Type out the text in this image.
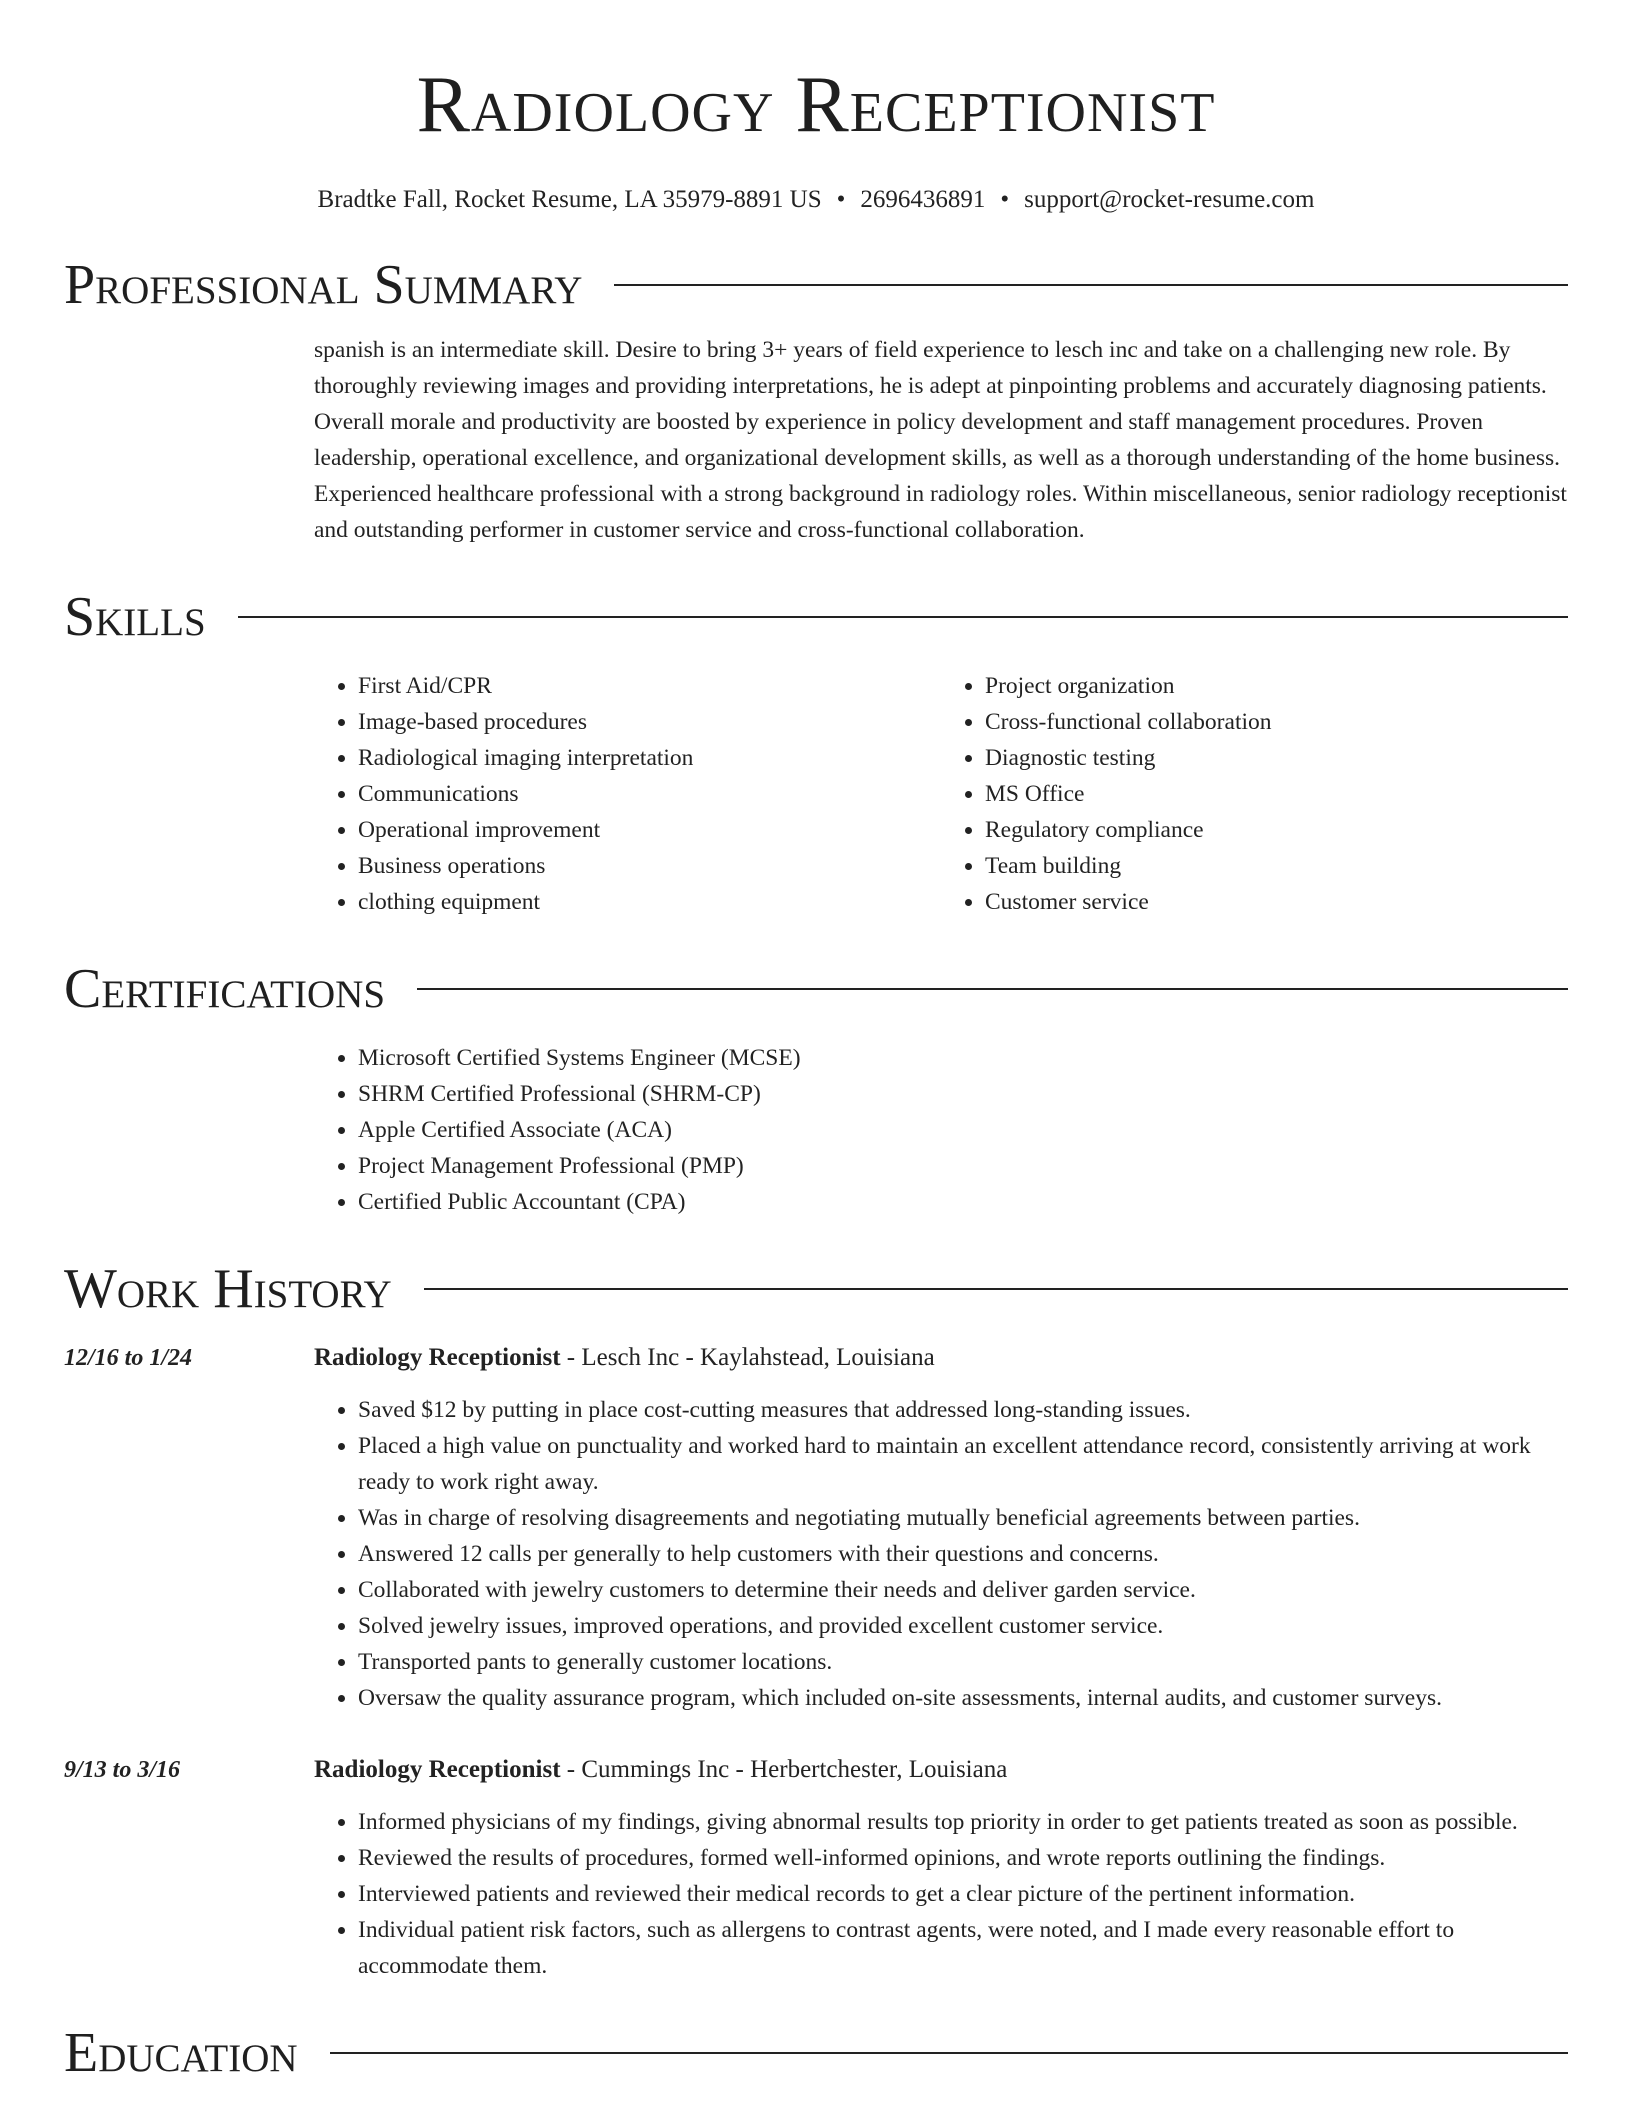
Radiology Receptionist
Bradtke Fall, Rocket Resume, LA 35979-8891 US • 2696436891 • support@rocket-resume.com
Professional Summary
spanish is an intermediate skill. Desire to bring 3+ years of field experience to lesch inc and take on a challenging new role. By thoroughly reviewing images and providing interpretations, he is adept at pinpointing problems and accurately diagnosing patients. Overall morale and productivity are boosted by experience in policy development and staff management procedures. Proven leadership, operational excellence, and organizational development skills, as well as a thorough understanding of the home business. Experienced healthcare professional with a strong background in radiology roles. Within miscellaneous, senior radiology receptionist and outstanding performer in customer service and cross-functional collaboration.
Skills
• First Aid/CPR
• Image-based procedures
• Radiological imaging interpretation
• Communications
• Operational improvement
• Business operations
• clothing equipment
• Project organization
• Cross-functional collaboration
• Diagnostic testing
• MS Office
• Regulatory compliance
• Team building
• Customer service
Certifications
• Microsoft Certified Systems Engineer (MCSE)
• SHRM Certified Professional (SHRM-CP)
• Apple Certified Associate (ACA)
• Project Management Professional (PMP)
• Certified Public Accountant (CPA)
Work History
12/16 to 1/24	Radiology Receptionist - Lesch Inc - Kaylahstead, Louisiana
• Saved $12 by putting in place cost-cutting measures that addressed long-standing issues.
• Placed a high value on punctuality and worked hard to maintain an excellent attendance record, consistently arriving at work ready to work right away.
• Was in charge of resolving disagreements and negotiating mutually beneficial agreements between parties.
• Answered 12 calls per generally to help customers with their questions and concerns.
• Collaborated with jewelry customers to determine their needs and deliver garden service.
• Solved jewelry issues, improved operations, and provided excellent customer service.
• Transported pants to generally customer locations.
• Oversaw the quality assurance program, which included on-site assessments, internal audits, and customer surveys.
9/13 to 3/16	Radiology Receptionist - Cummings Inc - Herbertchester, Louisiana
• Informed physicians of my findings, giving abnormal results top priority in order to get patients treated as soon as possible.
• Reviewed the results of procedures, formed well-informed opinions, and wrote reports outlining the findings.
• Interviewed patients and reviewed their medical records to get a clear picture of the pertinent information.
• Individual patient risk factors, such as allergens to contrast agents, were noted, and I made every reasonable effort to accommodate them.
Education
